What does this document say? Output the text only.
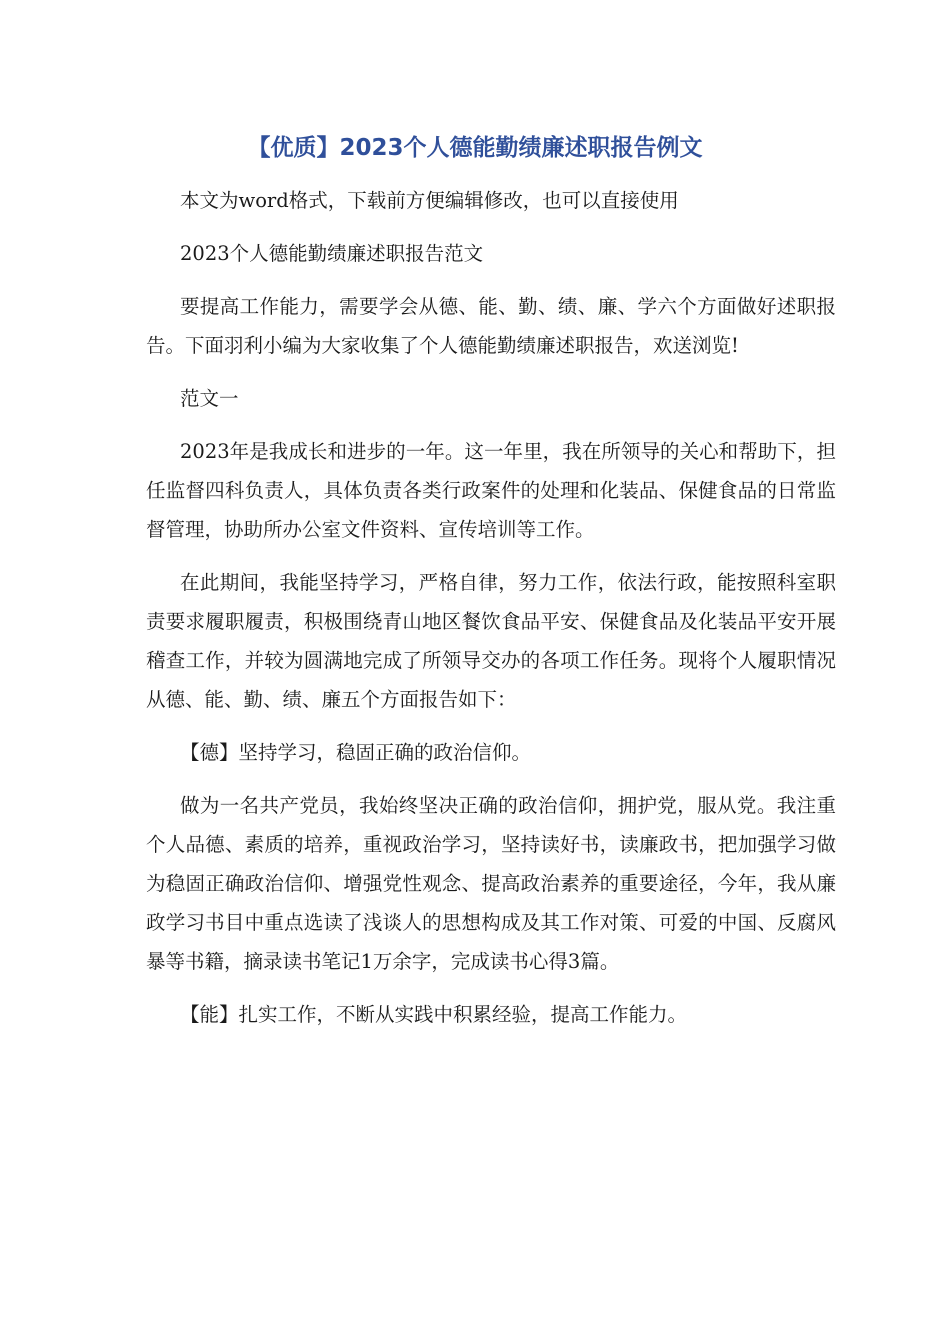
【优质】2023个人德能勤绩廉述职报告例文

本文为word格式，下载前方便编辑修改，也可以直接使用

2023个人德能勤绩廉述职报告范文

要提高工作能力，需要学会从德、能、勤、绩、廉、学六个方面做好述职报告。下面羽利小编为大家收集了个人德能勤绩廉述职报告，欢送浏览!

范文一

2023年是我成长和进步的一年。这一年里，我在所领导的关心和帮助下，担任监督四科负责人，具体负责各类行政案件的处理和化装品、保健食品的日常监督管理，协助所办公室文件资料、宣传培训等工作。

在此期间，我能坚持学习，严格自律，努力工作，依法行政，能按照科室职责要求履职履责，积极围绕青山地区餐饮食品平安、保健食品及化装品平安开展稽查工作，并较为圆满地完成了所领导交办的各项工作任务。现将个人履职情况从德、能、勤、绩、廉五个方面报告如下：

【德】坚持学习，稳固正确的政治信仰。

做为一名共产党员，我始终坚决正确的政治信仰，拥护党，服从党。我注重个人品德、素质的培养，重视政治学习，坚持读好书，读廉政书，把加强学习做为稳固正确政治信仰、增强党性观念、提高政治素养的重要途径，今年，我从廉政学习书目中重点选读了浅谈人的思想构成及其工作对策、可爱的中国、反腐风暴等书籍，摘录读书笔记1万余字，完成读书心得3篇。

【能】扎实工作，不断从实践中积累经验，提高工作能力。
